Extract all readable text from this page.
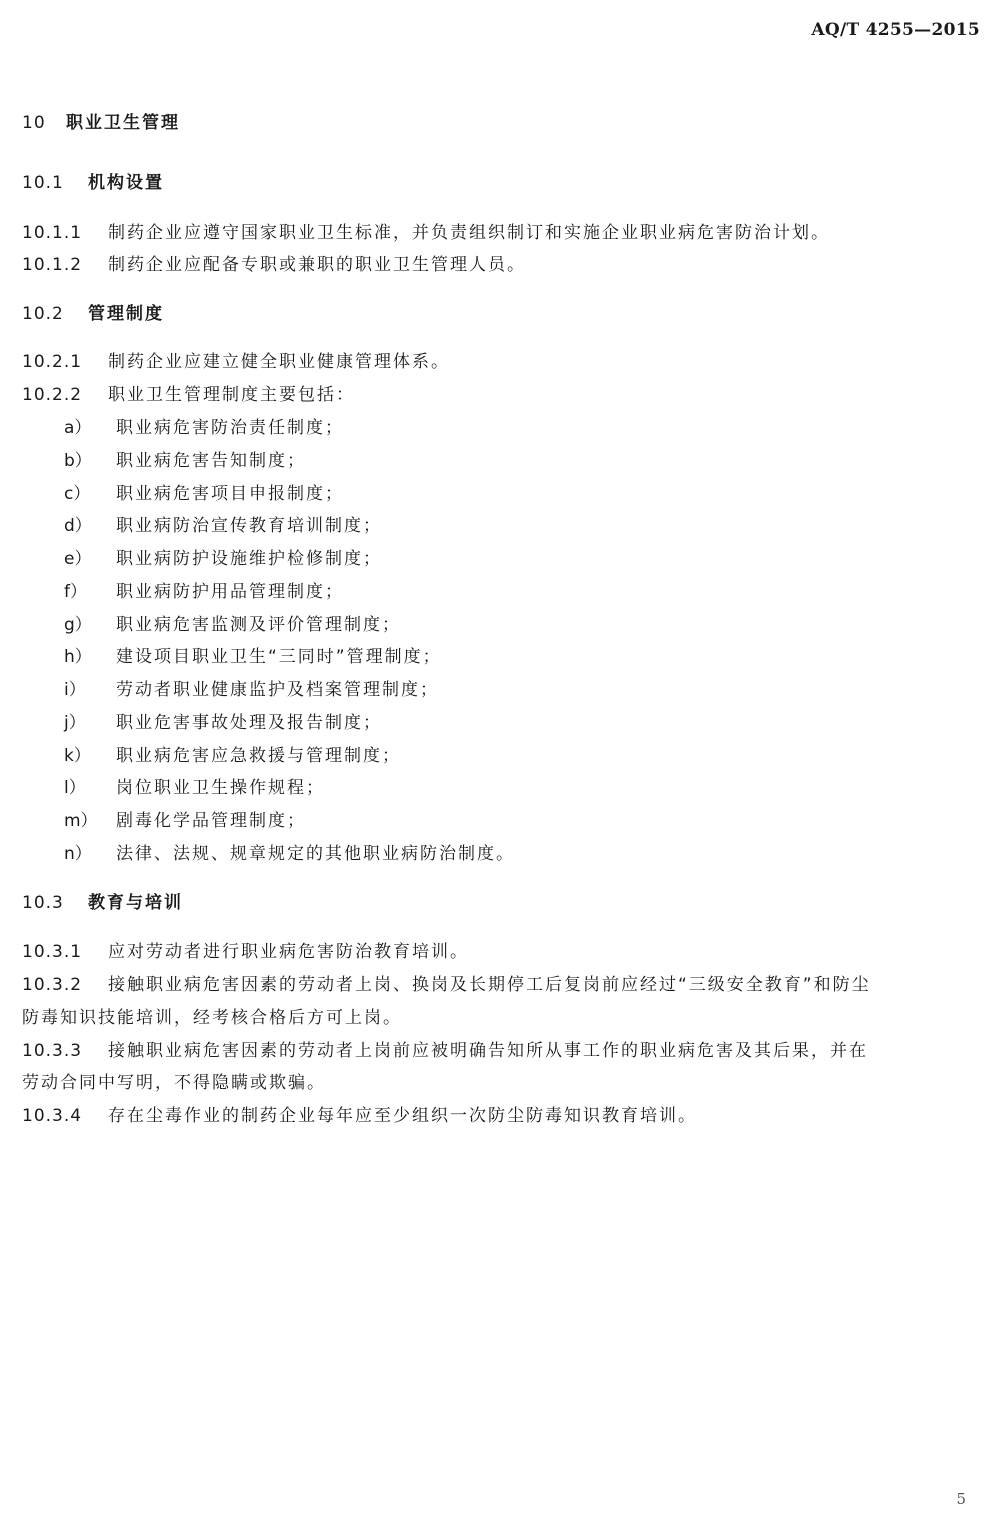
AQ/T 4255—2015
10 职业卫生管理
10.1 机构设置
10.1.1 制药企业应遵守国家职业卫生标准，并负责组织制订和实施企业职业病危害防治计划。
10.1.2 制药企业应配备专职或兼职的职业卫生管理人员。
10.2 管理制度
10.2.1 制药企业应建立健全职业健康管理体系。
10.2.2 职业卫生管理制度主要包括：
a） 职业病危害防治责任制度；
b） 职业病危害告知制度；
c） 职业病危害项目申报制度；
d） 职业病防治宣传教育培训制度；
e） 职业病防护设施维护检修制度；
f） 职业病防护用品管理制度；
g） 职业病危害监测及评价管理制度；
h） 建设项目职业卫生“三同时”管理制度；
i） 劳动者职业健康监护及档案管理制度；
j） 职业危害事故处理及报告制度；
k） 职业病危害应急救援与管理制度；
l） 岗位职业卫生操作规程；
m） 剧毒化学品管理制度；
n） 法律、法规、规章规定的其他职业病防治制度。
10.3 教育与培训
10.3.1 应对劳动者进行职业病危害防治教育培训。
10.3.2 接触职业病危害因素的劳动者上岗、换岗及长期停工后复岗前应经过“三级安全教育”和防尘
防毒知识技能培训，经考核合格后方可上岗。
10.3.3 接触职业病危害因素的劳动者上岗前应被明确告知所从事工作的职业病危害及其后果，并在
劳动合同中写明，不得隐瞒或欺骗。
10.3.4 存在尘毒作业的制药企业每年应至少组织一次防尘防毒知识教育培训。
5
